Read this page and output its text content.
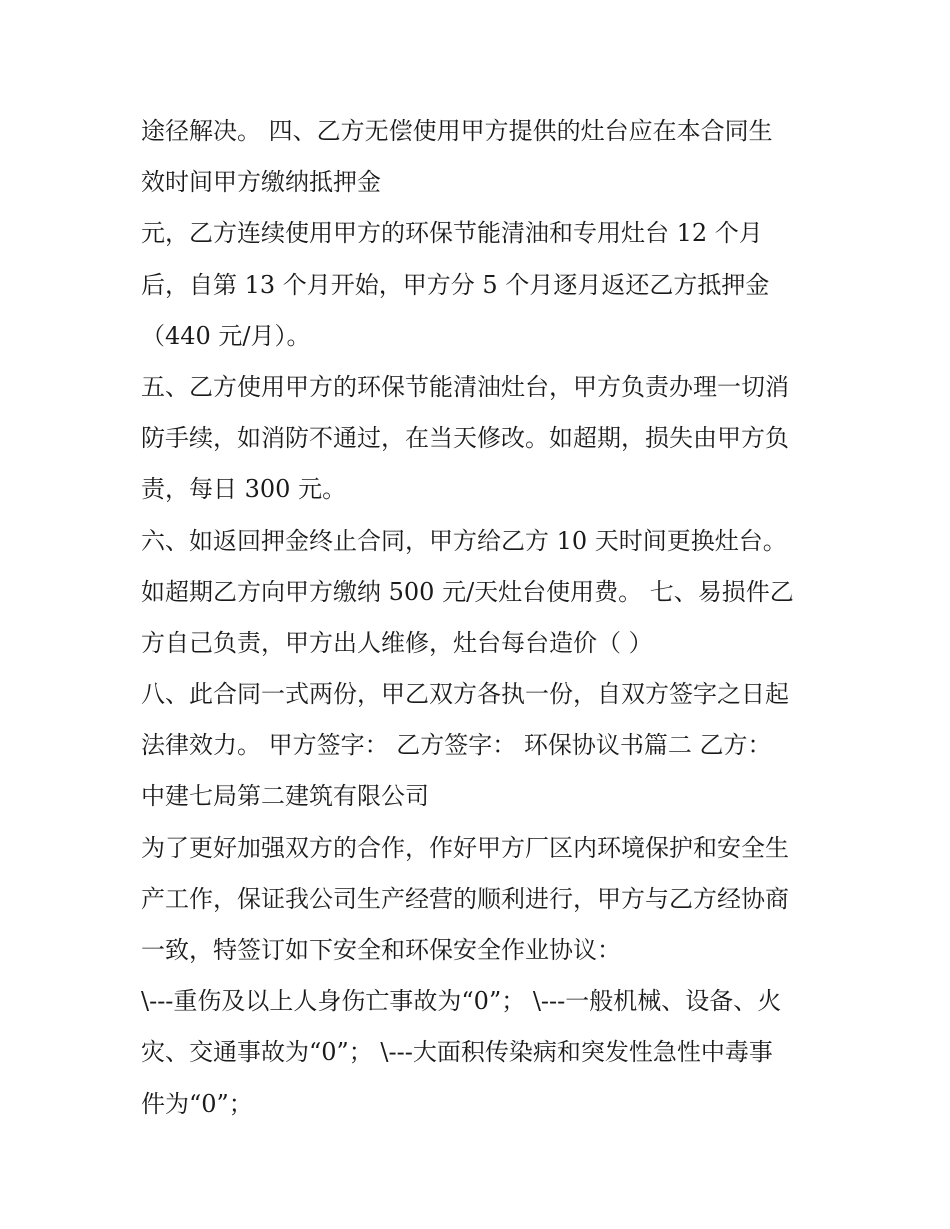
途径解决。 四、乙方无偿使用甲方提供的灶台应在本合同生
效时间甲方缴纳抵押金
元，乙方连续使用甲方的环保节能清油和专用灶台 12 个月
后，自第 13 个月开始，甲方分 5 个月逐月返还乙方抵押金
（440 元/月）。
五、乙方使用甲方的环保节能清油灶台，甲方负责办理一切消
防手续，如消防不通过，在当天修改。如超期，损失由甲方负
责，每日 300 元。
六、如返回押金终止合同，甲方给乙方 10 天时间更换灶台。
如超期乙方向甲方缴纳 500 元/天灶台使用费。 七、易损件乙
方自己负责，甲方出人维修，灶台每台造价（ ）
八、此合同一式两份，甲乙双方各执一份，自双方签字之日起
法律效力。 甲方签字： 乙方签字： 环保协议书篇二 乙方：
中建七局第二建筑有限公司
为了更好加强双方的合作，作好甲方厂区内环境保护和安全生
产工作，保证我公司生产经营的顺利进行，甲方与乙方经协商
一致，特签订如下安全和环保安全作业协议：
\---重伤及以上人身伤亡事故为“0”； \---一般机械、设备、火
灾、交通事故为“0”； \---大面积传染病和突发性急性中毒事
件为“0”；
